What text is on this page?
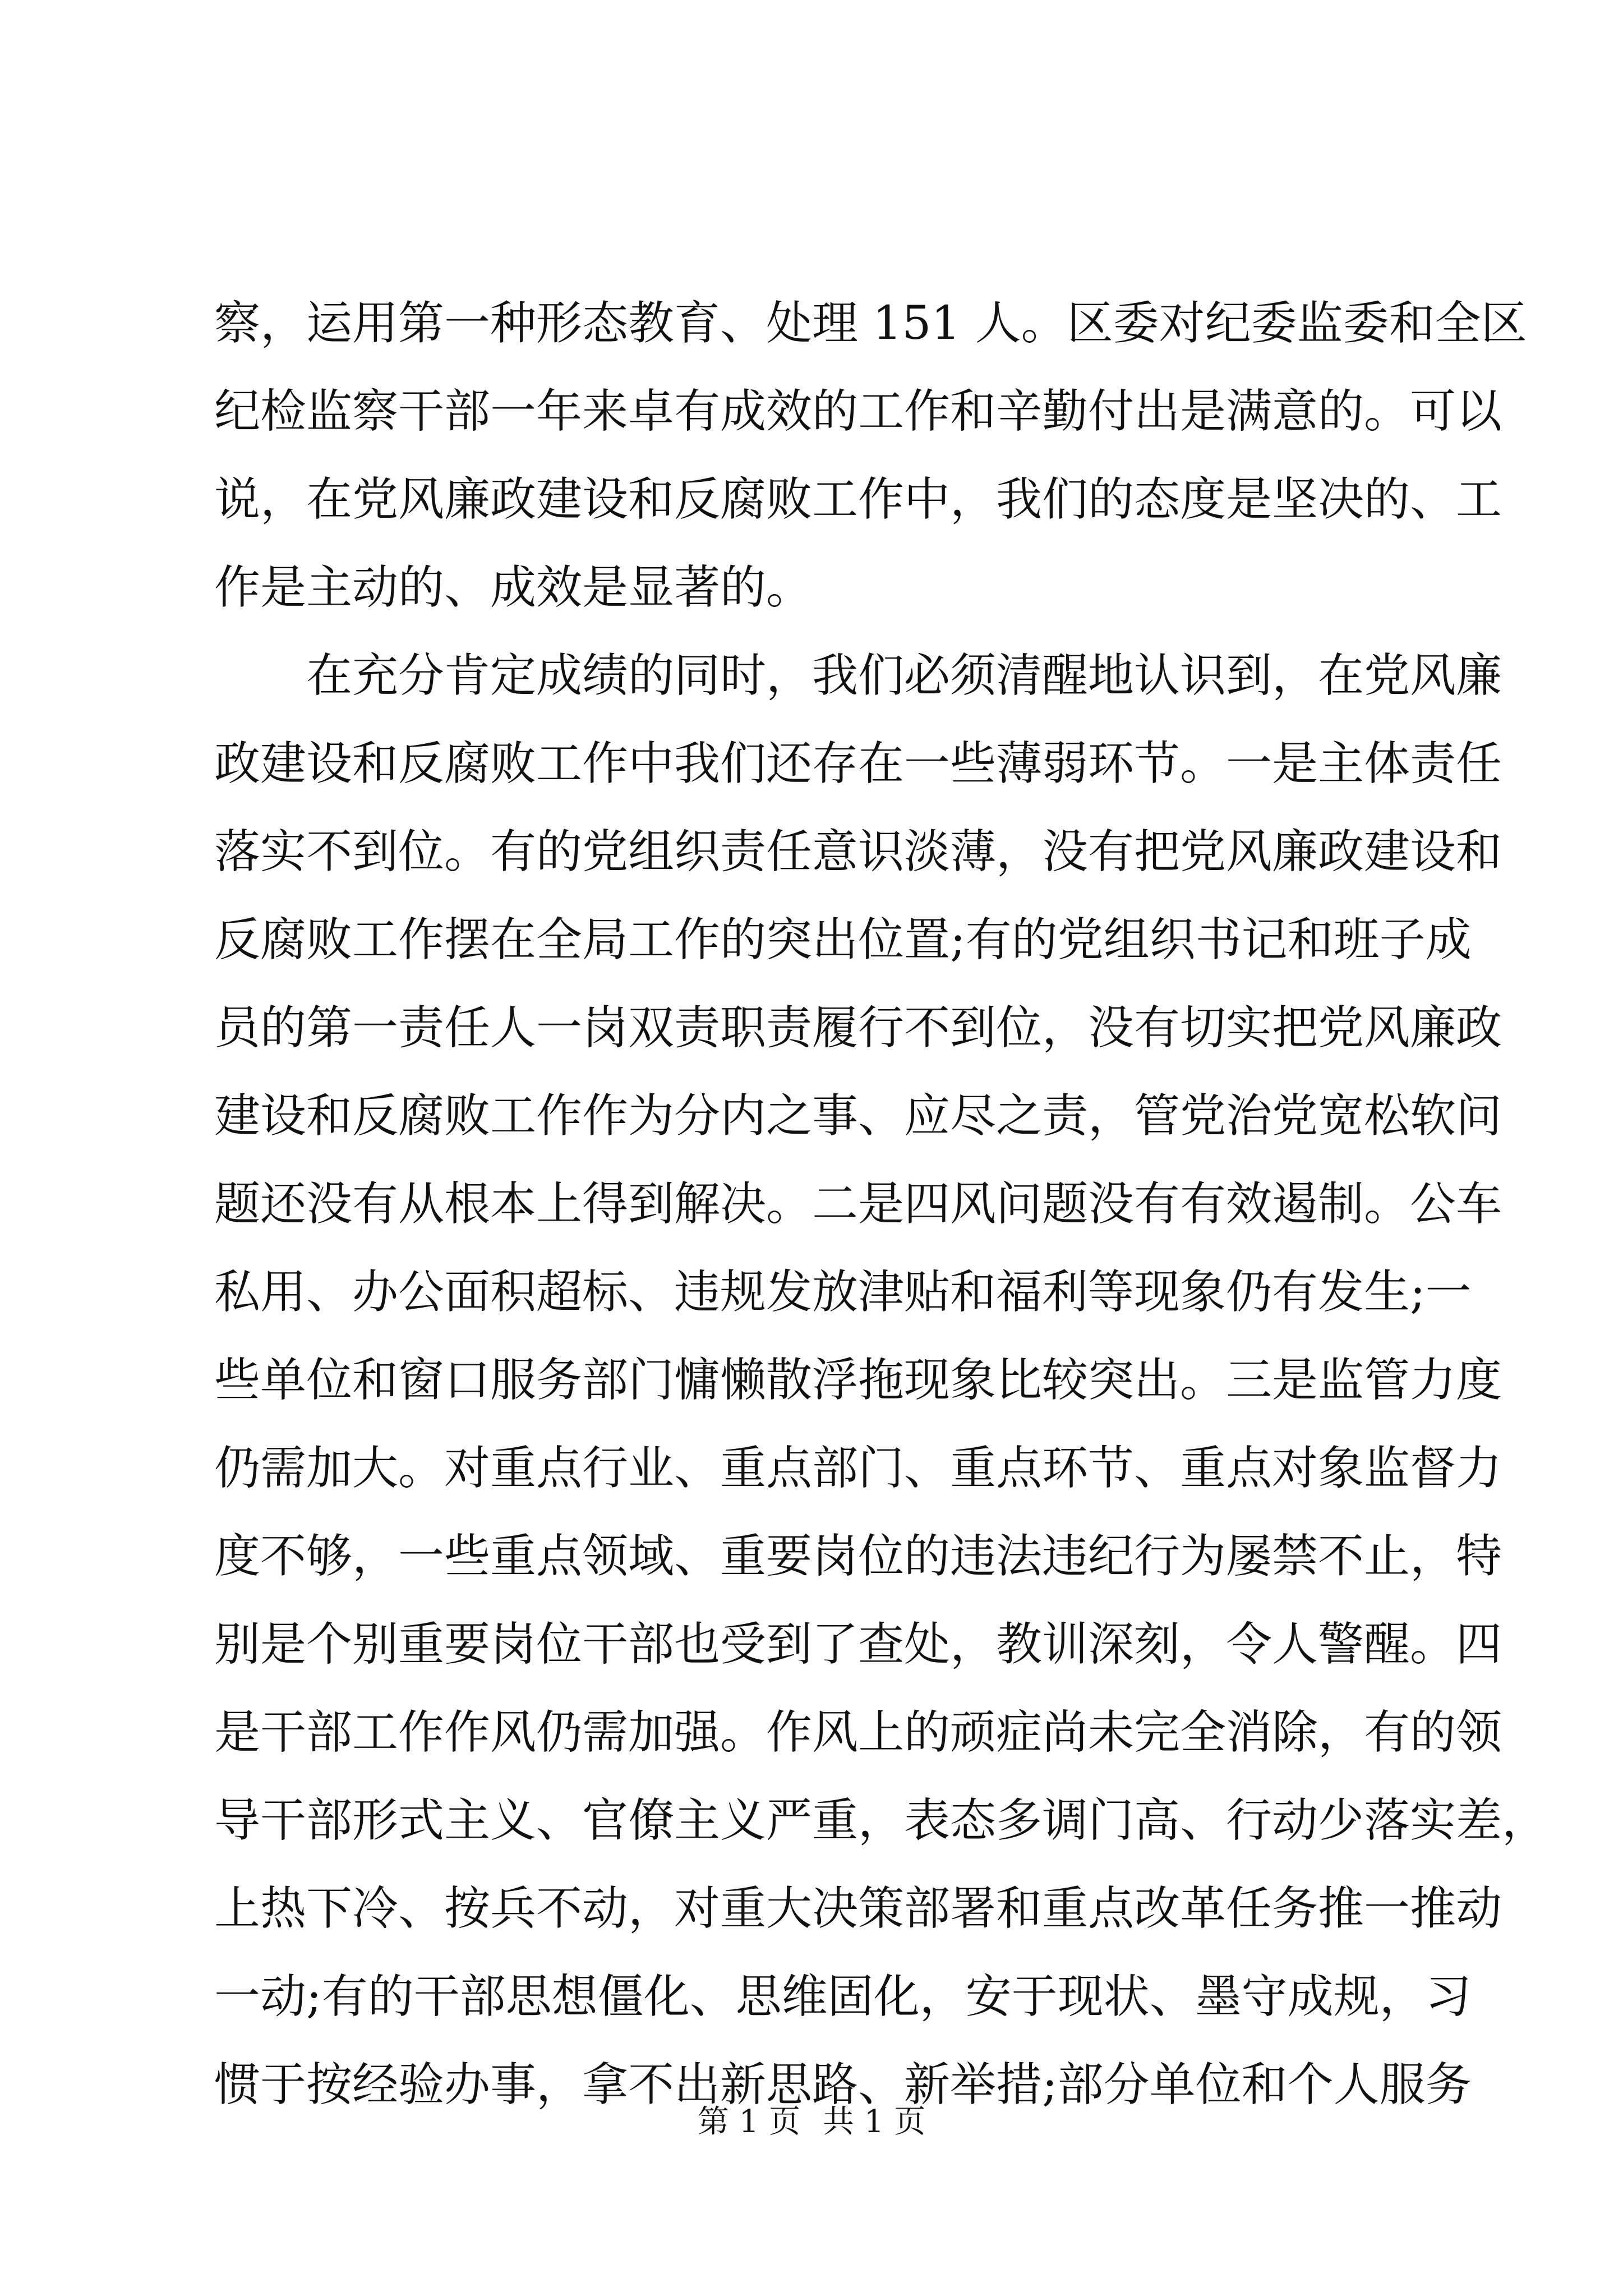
察，运用第一种形态教育、处理 151 人。区委对纪委监委和全区
纪检监察干部一年来卓有成效的工作和辛勤付出是满意的。可以
说，在党风廉政建设和反腐败工作中，我们的态度是坚决的、工
作是主动的、成效是显著的。
在充分肯定成绩的同时，我们必须清醒地认识到，在党风廉
政建设和反腐败工作中我们还存在一些薄弱环节。一是主体责任
落实不到位。有的党组织责任意识淡薄，没有把党风廉政建设和
反腐败工作摆在全局工作的突出位置;有的党组织书记和班子成
员的第一责任人一岗双责职责履行不到位，没有切实把党风廉政
建设和反腐败工作作为分内之事、应尽之责，管党治党宽松软问
题还没有从根本上得到解决。二是四风问题没有有效遏制。公车
私用、办公面积超标、违规发放津贴和福利等现象仍有发生;一
些单位和窗口服务部门慵懒散浮拖现象比较突出。三是监管力度
仍需加大。对重点行业、重点部门、重点环节、重点对象监督力
度不够，一些重点领域、重要岗位的违法违纪行为屡禁不止，特
别是个别重要岗位干部也受到了查处，教训深刻，令人警醒。四
是干部工作作风仍需加强。作风上的顽症尚未完全消除，有的领
导干部形式主义、官僚主义严重，表态多调门高、行动少落实差，
上热下冷、按兵不动，对重大决策部署和重点改革任务推一推动
一动;有的干部思想僵化、思维固化，安于现状、墨守成规，习
惯于按经验办事，拿不出新思路、新举措;部分单位和个人服务
第 1 页 共 1 页
